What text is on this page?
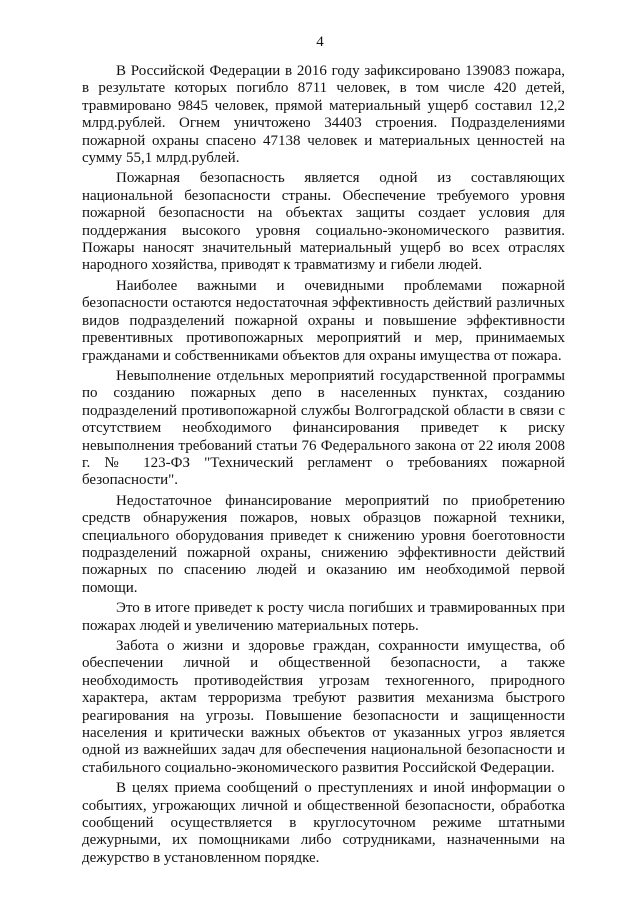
4

В Российской Федерации в 2016 году зафиксировано 139083 пожара, в результате которых погибло 8711 человек, в том числе 420 детей, травмировано 9845 человек, прямой материальный ущерб составил 12,2 млрд.рублей. Огнем уничтожено 34403 строения. Подразделениями пожарной охраны спасено 47138 человек и материальных ценностей на сумму 55,1 млрд.рублей.

Пожарная безопасность является одной из составляющих национальной безопасности страны. Обеспечение требуемого уровня пожарной безопасности на объектах защиты создает условия для поддержания высокого уровня социально-экономического развития. Пожары наносят значительный материальный ущерб во всех отраслях народного хозяйства, приводят к травматизму и гибели людей.

Наиболее важными и очевидными проблемами пожарной безопасности остаются недостаточная эффективность действий различных видов подразделений пожарной охраны и повышение эффективности превентивных противопожарных мероприятий и мер, принимаемых гражданами и собственниками объектов для охраны имущества от пожара.

Невыполнение отдельных мероприятий государственной программы по созданию пожарных депо в населенных пунктах, созданию подразделений противопожарной службы Волгоградской области в связи с отсутствием необходимого финансирования приведет к риску невыполнения требований статьи 76 Федерального закона от 22 июля 2008 г. № 123-ФЗ "Технический регламент о требованиях пожарной безопасности".

Недостаточное финансирование мероприятий по приобретению средств обнаружения пожаров, новых образцов пожарной техники, специального оборудования приведет к снижению уровня боеготовности подразделений пожарной охраны, снижению эффективности действий пожарных по спасению людей и оказанию им необходимой первой помощи.

Это в итоге приведет к росту числа погибших и травмированных при пожарах людей и увеличению материальных потерь.

Забота о жизни и здоровье граждан, сохранности имущества, об обеспечении личной и общественной безопасности, а также необходимость противодействия угрозам техногенного, природного характера, актам терроризма требуют развития механизма быстрого реагирования на угрозы. Повышение безопасности и защищенности населения и критически важных объектов от указанных угроз является одной из важнейших задач для обеспечения национальной безопасности и стабильного социально-экономического развития Российской Федерации.

В целях приема сообщений о преступлениях и иной информации о событиях, угрожающих личной и общественной безопасности, обработка сообщений осуществляется в круглосуточном режиме штатными дежурными, их помощниками либо сотрудниками, назначенными на дежурство в установленном порядке.
